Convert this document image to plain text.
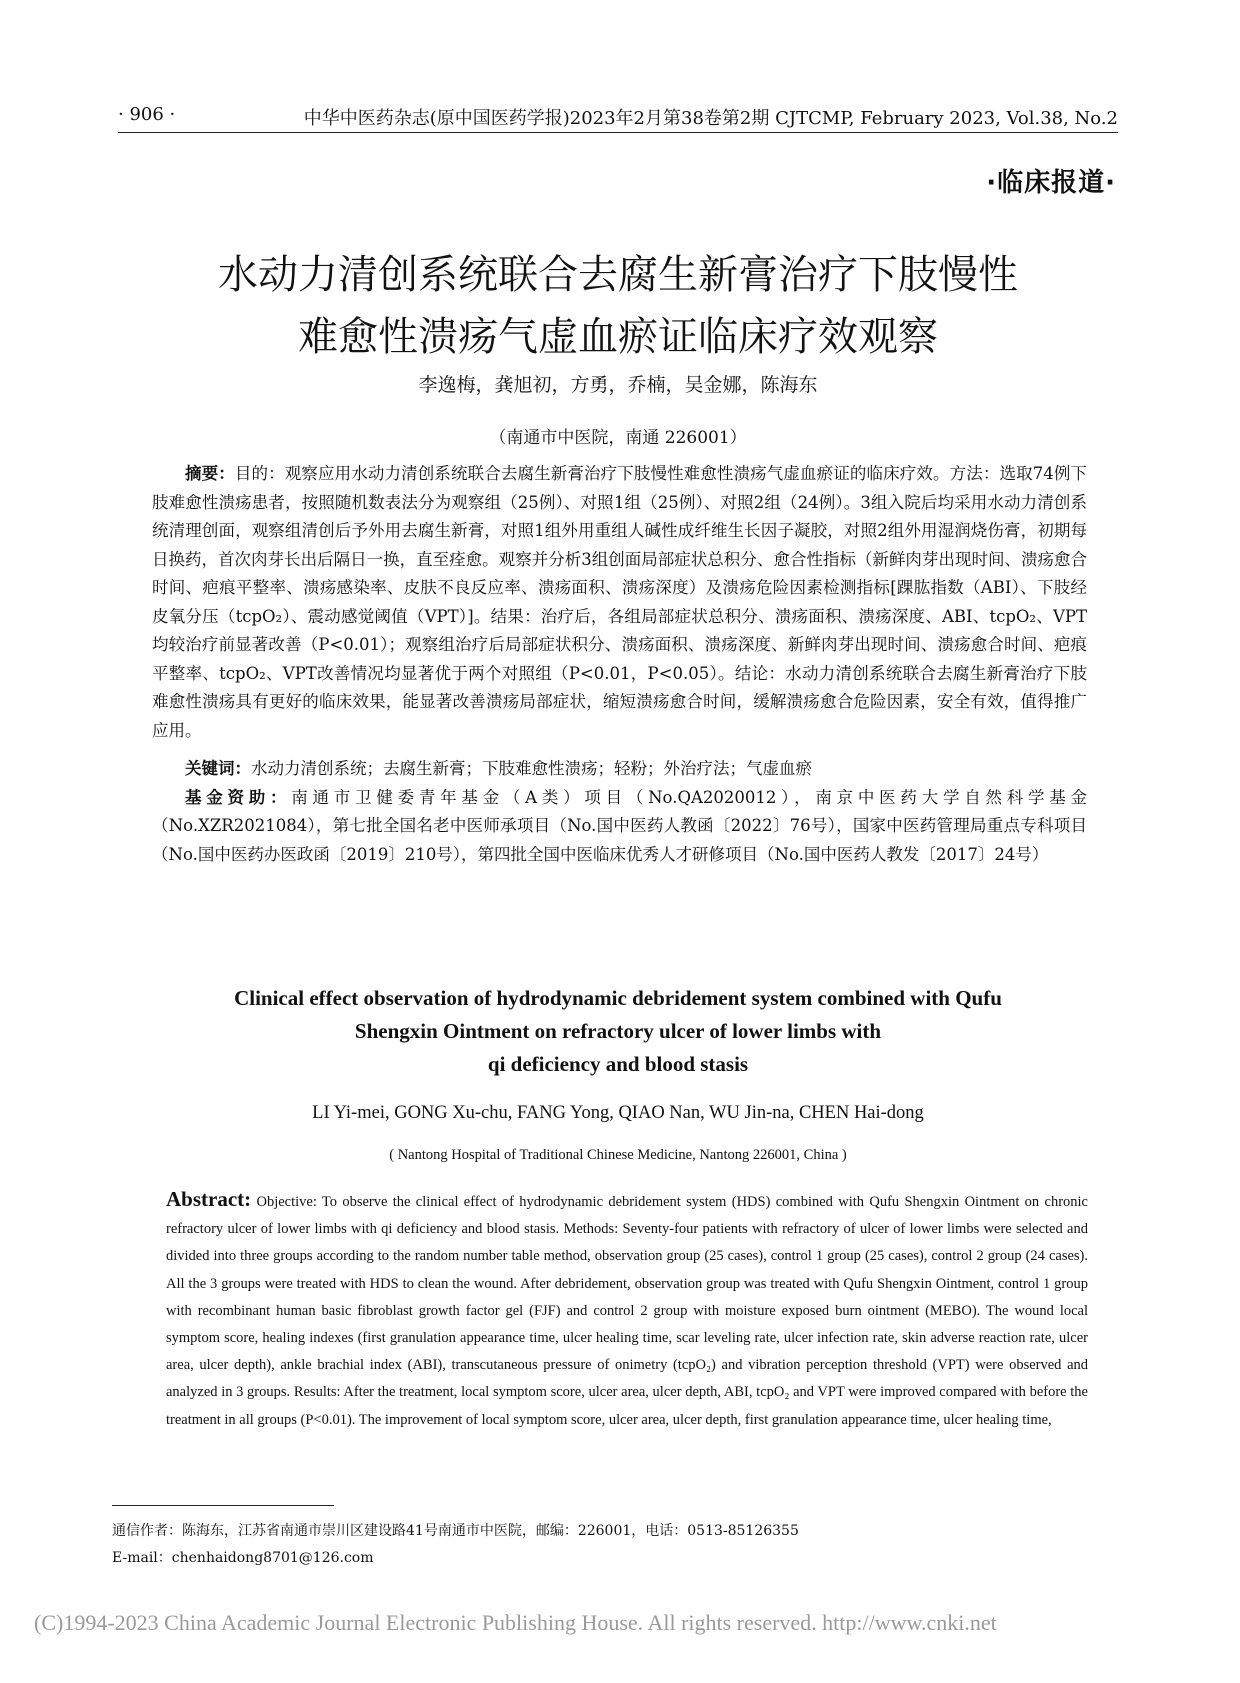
· 906 ·	中华中医药杂志(原中国医药学报)2023年2月第38卷第2期 CJTCMP, February 2023, Vol.38, No.2
·临床报道·
水动力清创系统联合去腐生新膏治疗下肢慢性
难愈性溃疡气虚血瘀证临床疗效观察
李逸梅，龚旭初，方勇，乔楠，吴金娜，陈海东
（南通市中医院，南通 226001）

摘要：目的：观察应用水动力清创系统联合去腐生新膏治疗下肢慢性难愈性溃疡气虚血瘀证的临床疗效。方法：选取74例下肢难愈性溃疡患者，按照随机数表法分为观察组（25例）、对照1组（25例）、对照2组（24例）。3组入院后均采用水动力清创系统清理创面，观察组清创后予外用去腐生新膏，对照1组外用重组人碱性成纤维生长因子凝胶，对照2组外用湿润烧伤膏，初期每日换药，首次肉芽长出后隔日一换，直至痊愈。观察并分析3组创面局部症状总积分、愈合性指标（新鲜肉芽出现时间、溃疡愈合时间、疤痕平整率、溃疡感染率、皮肤不良反应率、溃疡面积、溃疡深度）及溃疡危险因素检测指标[踝肱指数（ABI）、下肢经皮氧分压（tcpO₂）、震动感觉阈值（VPT）]。结果：治疗后，各组局部症状总积分、溃疡面积、溃疡深度、ABI、tcpO₂、VPT均较治疗前显著改善（P<0.01）；观察组治疗后局部症状积分、溃疡面积、溃疡深度、新鲜肉芽出现时间、溃疡愈合时间、疤痕平整率、tcpO₂、VPT改善情况均显著优于两个对照组（P<0.01，P<0.05）。结论：水动力清创系统联合去腐生新膏治疗下肢难愈性溃疡具有更好的临床效果，能显著改善溃疡局部症状，缩短溃疡愈合时间，缓解溃疡愈合危险因素，安全有效，值得推广应用。

关键词：水动力清创系统；去腐生新膏；下肢难愈性溃疡；轻粉；外治疗法；气虚血瘀

基金资助：南通市卫健委青年基金（A类）项目（No.QA2020012），南京中医药大学自然科学基金（No.XZR2021084），第七批全国名老中医师承项目（No.国中医药人教函〔2022〕76号），国家中医药管理局重点专科项目（No.国中医药办医政函〔2019〕210号），第四批全国中医临床优秀人才研修项目（No.国中医药人教发〔2017〕24号）

Clinical effect observation of hydrodynamic debridement system combined with Qufu
Shengxin Ointment on refractory ulcer of lower limbs with
qi deficiency and blood stasis
LI Yi-mei, GONG Xu-chu, FANG Yong, QIAO Nan, WU Jin-na, CHEN Hai-dong
( Nantong Hospital of Traditional Chinese Medicine, Nantong 226001, China )

Abstract: Objective: To observe the clinical effect of hydrodynamic debridement system (HDS) combined with Qufu Shengxin Ointment on chronic refractory ulcer of lower limbs with qi deficiency and blood stasis. Methods: Seventy-four patients with refractory of ulcer of lower limbs were selected and divided into three groups according to the random number table method, observation group (25 cases), control 1 group (25 cases), control 2 group (24 cases). All the 3 groups were treated with HDS to clean the wound. After debridement, observation group was treated with Qufu Shengxin Ointment, control 1 group with recombinant human basic fibroblast growth factor gel (FJF) and control 2 group with moisture exposed burn ointment (MEBO). The wound local symptom score, healing indexes (first granulation appearance time, ulcer healing time, scar leveling rate, ulcer infection rate, skin adverse reaction rate, ulcer area, ulcer depth), ankle brachial index (ABI), transcutaneous pressure of onimetry (tcpO₂) and vibration perception threshold (VPT) were observed and analyzed in 3 groups. Results: After the treatment, local symptom score, ulcer area, ulcer depth, ABI, tcpO₂ and VPT were improved compared with before the treatment in all groups (P<0.01). The improvement of local symptom score, ulcer area, ulcer depth, first granulation appearance time, ulcer healing time,

通信作者：陈海东，江苏省南通市崇川区建设路41号南通市中医院，邮编：226001，电话：0513-85126355
E-mail：chenhaidong8701@126.com
(C)1994-2023 China Academic Journal Electronic Publishing House. All rights reserved. http://www.cnki.net
